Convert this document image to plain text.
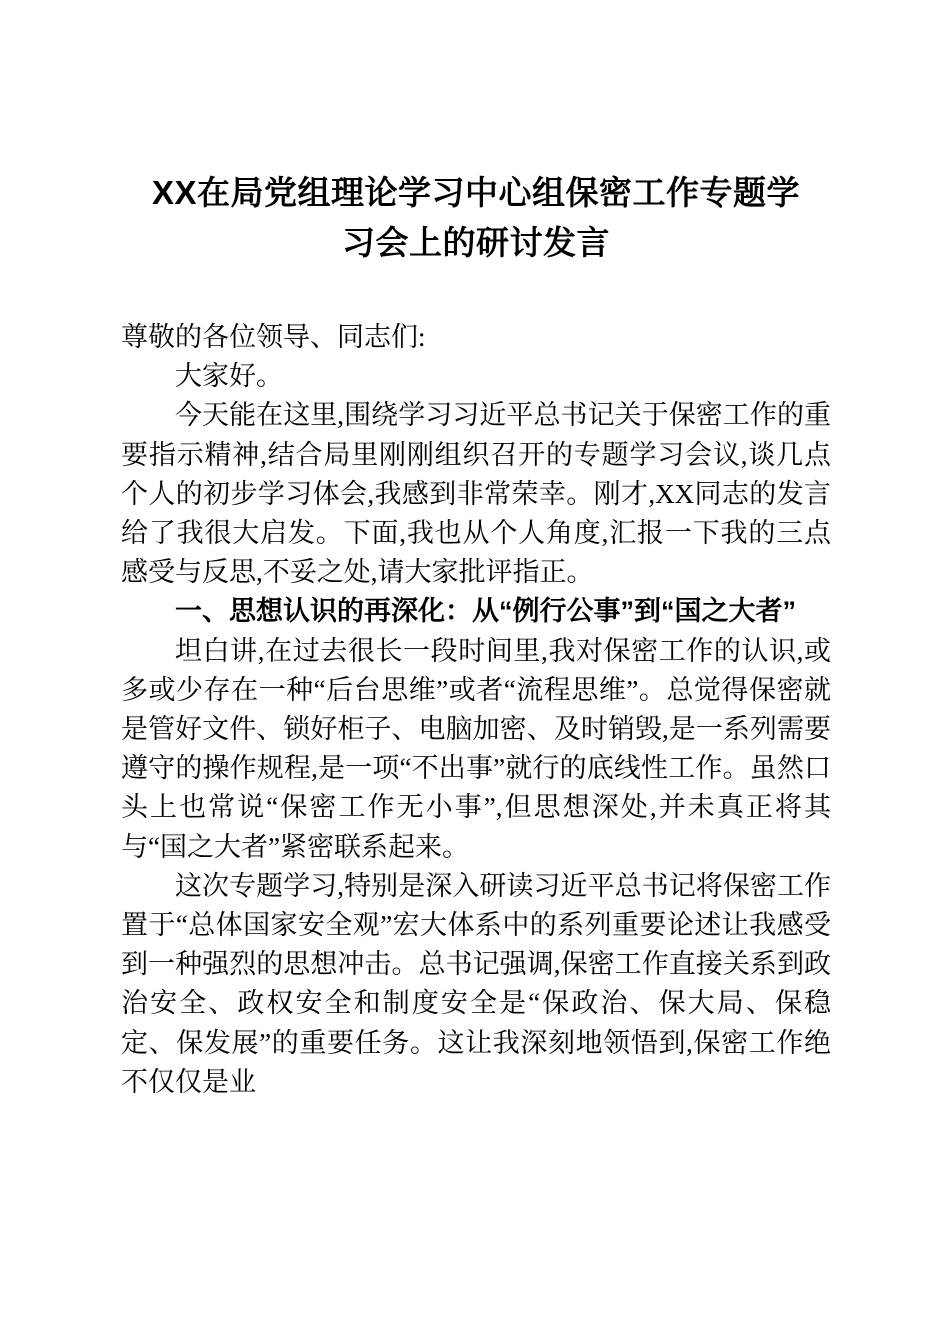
XX在局党组理论学习中心组保密工作专题学
习会上的研讨发言

尊敬的各位领导、同志们:

大家好。

今天能在这里,围绕学习习近平总书记关于保密工作的重要指示精神,结合局里刚刚组织召开的专题学习会议,谈几点个人的初步学习体会,我感到非常荣幸。刚才,XX同志的发言给了我很大启发。下面,我也从个人角度,汇报一下我的三点感受与反思,不妥之处,请大家批评指正。

一、思想认识的再深化：从“例行公事”到“国之大者”

坦白讲,在过去很长一段时间里,我对保密工作的认识,或多或少存在一种“后台思维”或者“流程思维”。总觉得保密就是管好文件、锁好柜子、电脑加密、及时销毁,是一系列需要遵守的操作规程,是一项“不出事”就行的底线性工作。虽然口头上也常说“保密工作无小事”,但思想深处,并未真正将其与“国之大者”紧密联系起来。

这次专题学习,特别是深入研读习近平总书记将保密工作置于“总体国家安全观”宏大体系中的系列重要论述让我感受到一种强烈的思想冲击。总书记强调,保密工作直接关系到政治安全、政权安全和制度安全是“保政治、保大局、保稳定、保发展”的重要任务。这让我深刻地领悟到,保密工作绝不仅仅是业
